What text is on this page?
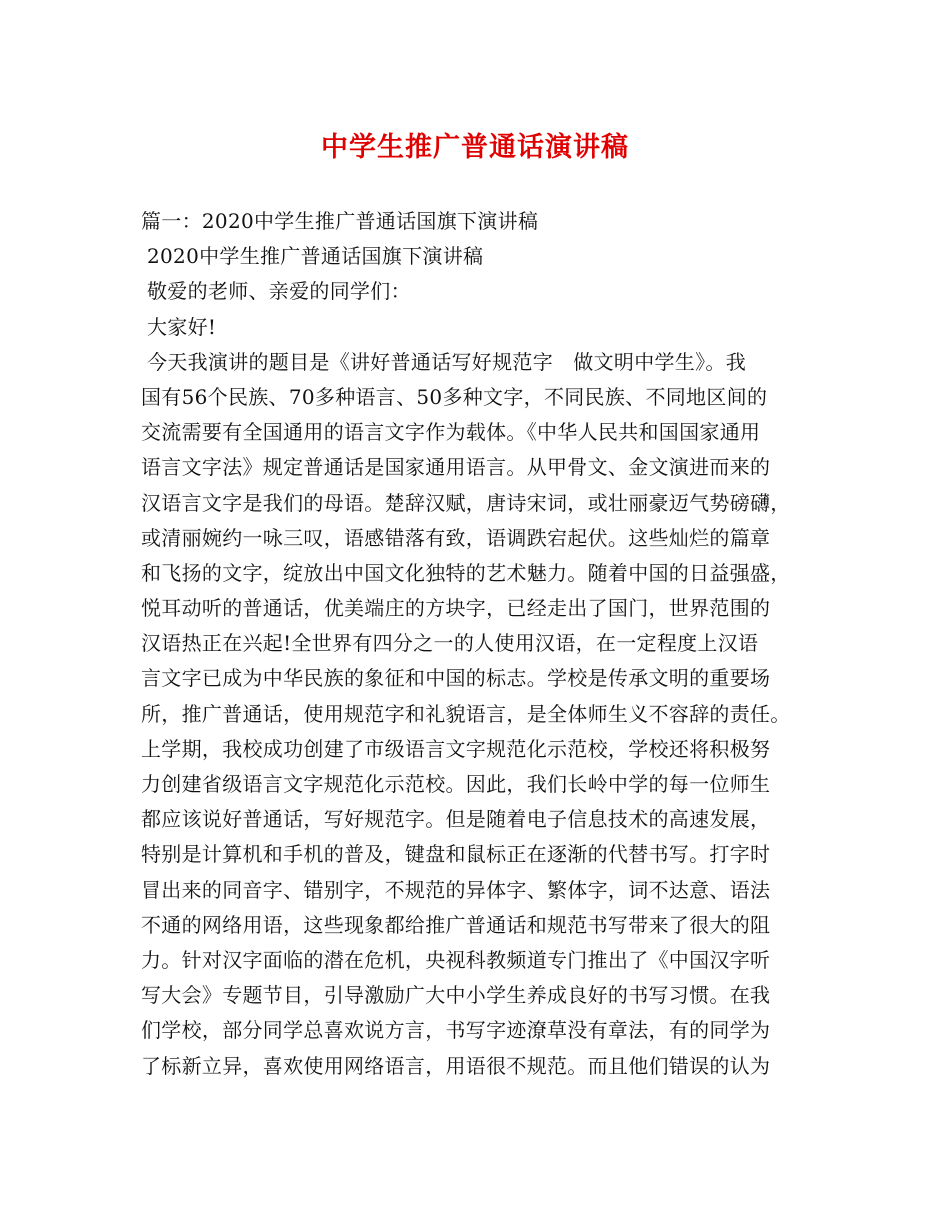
中学生推广普通话演讲稿
篇一：2020中学生推广普通话国旗下演讲稿
2020中学生推广普通话国旗下演讲稿
敬爱的老师、亲爱的同学们：
大家好!
今天我演讲的题目是《讲好普通话写好规范字　做文明中学生》。我
国有56个民族、70多种语言、50多种文字，不同民族、不同地区间的
交流需要有全国通用的语言文字作为载体。《中华人民共和国国家通用
语言文字法》规定普通话是国家通用语言。从甲骨文、金文演进而来的
汉语言文字是我们的母语。楚辞汉赋，唐诗宋词，或壮丽豪迈气势磅礴，
或清丽婉约一咏三叹，语感错落有致，语调跌宕起伏。这些灿烂的篇章
和飞扬的文字，绽放出中国文化独特的艺术魅力。随着中国的日益强盛，
悦耳动听的普通话，优美端庄的方块字，已经走出了国门，世界范围的
汉语热正在兴起!全世界有四分之一的人使用汉语，在一定程度上汉语
言文字已成为中华民族的象征和中国的标志。学校是传承文明的重要场
所，推广普通话，使用规范字和礼貌语言，是全体师生义不容辞的责任。
上学期，我校成功创建了市级语言文字规范化示范校，学校还将积极努
力创建省级语言文字规范化示范校。因此，我们长岭中学的每一位师生
都应该说好普通话，写好规范字。但是随着电子信息技术的高速发展，
特别是计算机和手机的普及，键盘和鼠标正在逐渐的代替书写。打字时
冒出来的同音字、错别字，不规范的异体字、繁体字，词不达意、语法
不通的网络用语，这些现象都给推广普通话和规范书写带来了很大的阻
力。针对汉字面临的潜在危机，央视科教频道专门推出了《中国汉字听
写大会》专题节目，引导激励广大中小学生养成良好的书写习惯。在我
们学校，部分同学总喜欢说方言，书写字迹潦草没有章法，有的同学为
了标新立异，喜欢使用网络语言，用语很不规范。而且他们错误的认为
